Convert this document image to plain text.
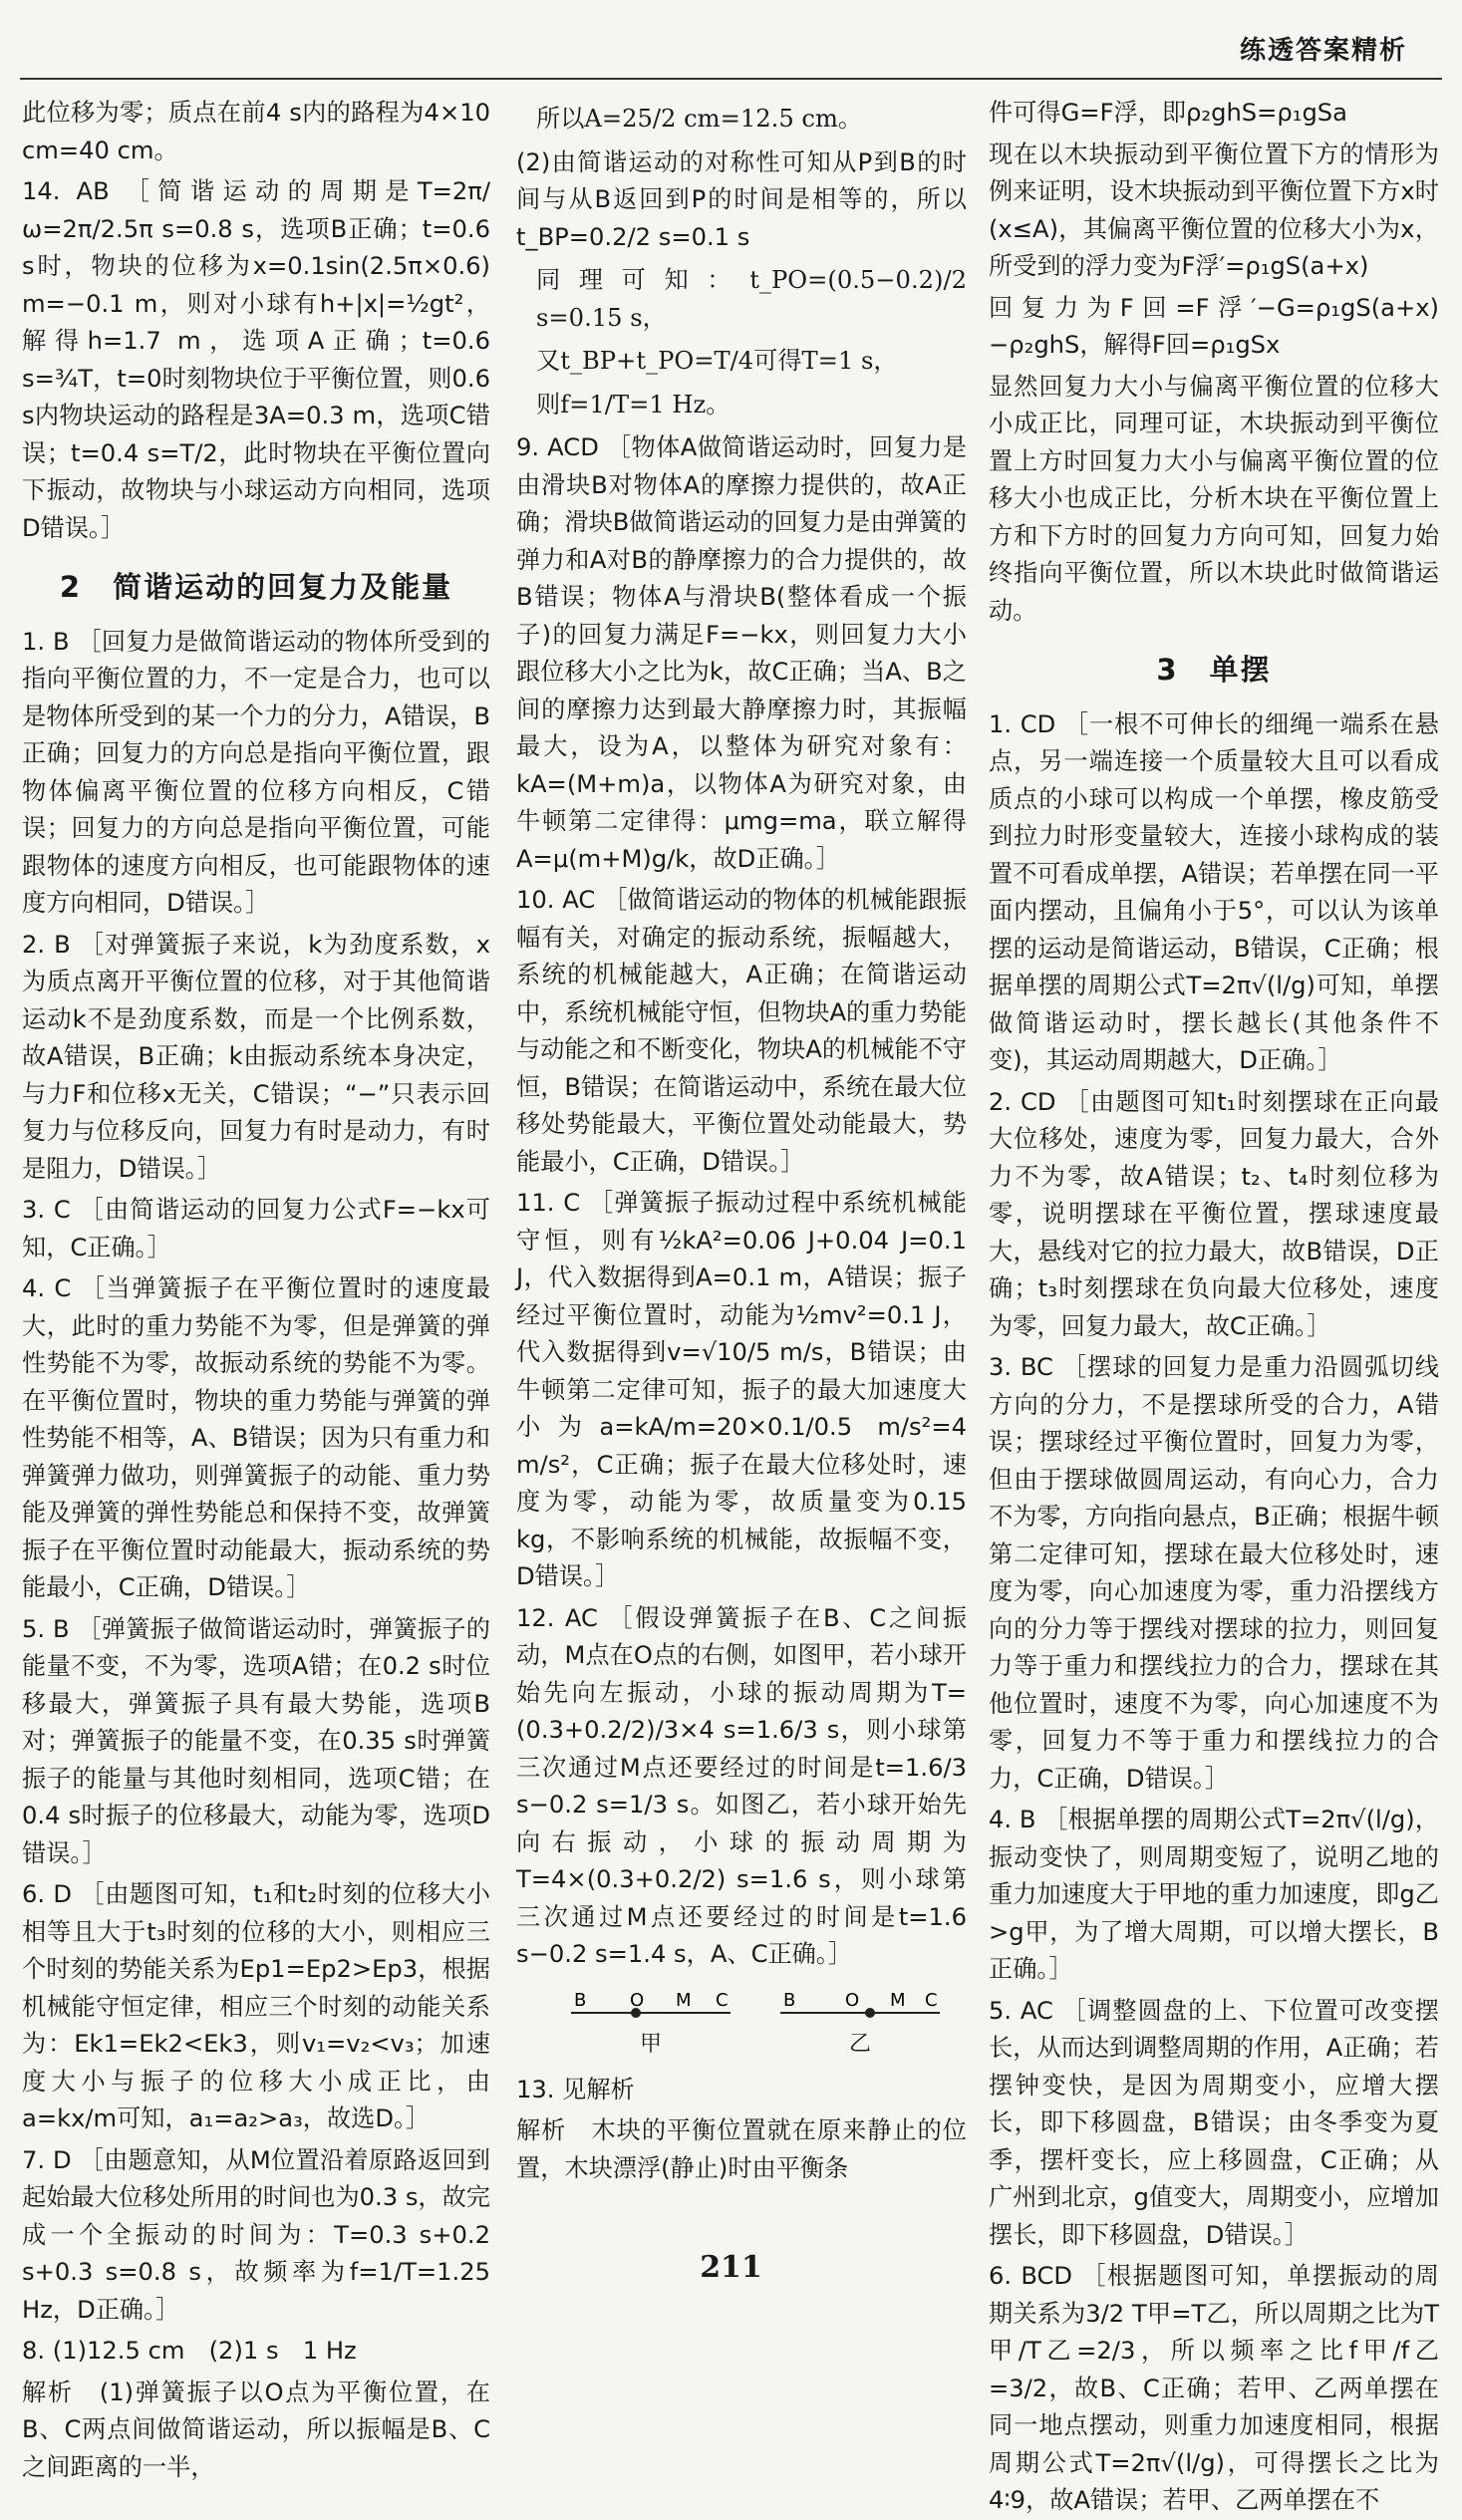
练透答案精析

此位移为零；质点在前4 s内的路程为4×10 cm=40 cm。

14. AB ［简谐运动的周期是T=2π/ω=2π/2.5π s=0.8 s，选项B正确；t=0.6 s时，物块的位移为x=0.1sin(2.5π×0.6) m=−0.1 m，则对小球有h+|x|=½gt²，解得h=1.7 m，选项A正确；t=0.6 s=¾T，t=0时刻物块位于平衡位置，则0.6 s内物块运动的路程是3A=0.3 m，选项C错误；t=0.4 s=T/2，此时物块在平衡位置向下振动，故物块与小球运动方向相同，选项D错误。］

2　简谐运动的回复力及能量

1. B ［回复力是做简谐运动的物体所受到的指向平衡位置的力，不一定是合力，也可以是物体所受到的某一个力的分力，A错误，B正确；回复力的方向总是指向平衡位置，跟物体偏离平衡位置的位移方向相反，C错误；回复力的方向总是指向平衡位置，可能跟物体的速度方向相反，也可能跟物体的速度方向相同，D错误。］

2. B ［对弹簧振子来说，k为劲度系数，x为质点离开平衡位置的位移，对于其他简谐运动k不是劲度系数，而是一个比例系数，故A错误，B正确；k由振动系统本身决定，与力F和位移x无关，C错误；“−”只表示回复力与位移反向，回复力有时是动力，有时是阻力，D错误。］

3. C ［由简谐运动的回复力公式F=−kx可知，C正确。］

4. C ［当弹簧振子在平衡位置时的速度最大，此时的重力势能不为零，但是弹簧的弹性势能不为零，故振动系统的势能不为零。在平衡位置时，物块的重力势能与弹簧的弹性势能不相等，A、B错误；因为只有重力和弹簧弹力做功，则弹簧振子的动能、重力势能及弹簧的弹性势能总和保持不变，故弹簧振子在平衡位置时动能最大，振动系统的势能最小，C正确，D错误。］

5. B ［弹簧振子做简谐运动时，弹簧振子的能量不变，不为零，选项A错；在0.2 s时位移最大，弹簧振子具有最大势能，选项B对；弹簧振子的能量不变，在0.35 s时弹簧振子的能量与其他时刻相同，选项C错；在0.4 s时振子的位移最大，动能为零，选项D错误。］

6. D ［由题图可知，t₁和t₂时刻的位移大小相等且大于t₃时刻的位移的大小，则相应三个时刻的势能关系为Ep1=Ep2>Ep3，根据机械能守恒定律，相应三个时刻的动能关系为：Ek1=Ek2<Ek3，则v₁=v₂<v₃；加速度大小与振子的位移大小成正比，由a=kx/m可知，a₁=a₂>a₃，故选D。］

7. D ［由题意知，从M位置沿着原路返回到起始最大位移处所用的时间也为0.3 s，故完成一个全振动的时间为：T=0.3 s+0.2 s+0.3 s=0.8 s，故频率为f=1/T=1.25 Hz，D正确。］

8. (1)12.5 cm　(2)1 s　1 Hz

解析　(1)弹簧振子以O点为平衡位置，在B、C两点间做简谐运动，所以振幅是B、C之间距离的一半，

所以A=25/2 cm=12.5 cm。

(2)由简谐运动的对称性可知从P到B的时间与从B返回到P的时间是相等的，所以t_BP=0.2/2 s=0.1 s

同理可知：t_PO=(0.5−0.2)/2 s=0.15 s，

又t_BP+t_PO=T/4可得T=1 s，

则f=1/T=1 Hz。

9. ACD ［物体A做简谐运动时，回复力是由滑块B对物体A的摩擦力提供的，故A正确；滑块B做简谐运动的回复力是由弹簧的弹力和A对B的静摩擦力的合力提供的，故B错误；物体A与滑块B(整体看成一个振子)的回复力满足F=−kx，则回复力大小跟位移大小之比为k，故C正确；当A、B之间的摩擦力达到最大静摩擦力时，其振幅最大，设为A，以整体为研究对象有：kA=(M+m)a，以物体A为研究对象，由牛顿第二定律得：μmg=ma，联立解得A=μ(m+M)g/k，故D正确。］

10. AC ［做简谐运动的物体的机械能跟振幅有关，对确定的振动系统，振幅越大，系统的机械能越大，A正确；在简谐运动中，系统机械能守恒，但物块A的重力势能与动能之和不断变化，物块A的机械能不守恒，B错误；在简谐运动中，系统在最大位移处势能最大，平衡位置处动能最大，势能最小，C正确，D错误。］

11. C ［弹簧振子振动过程中系统机械能守恒，则有½kA²=0.06 J+0.04 J=0.1 J，代入数据得到A=0.1 m，A错误；振子经过平衡位置时，动能为½mv²=0.1 J，代入数据得到v=√10/5 m/s，B错误；由牛顿第二定律可知，振子的最大加速度大小为a=kA/m=20×0.1/0.5 m/s²=4 m/s²，C正确；振子在最大位移处时，速度为零，动能为零，故质量变为0.15 kg，不影响系统的机械能，故振幅不变，D错误。］

12. AC ［假设弹簧振子在B、C之间振动，M点在O点的右侧，如图甲，若小球开始先向左振动，小球的振动周期为T=(0.3+0.2/2)/3×4 s=1.6/3 s，则小球第三次通过M点还要经过的时间是t=1.6/3 s−0.2 s=1/3 s。如图乙，若小球开始先向右振动，小球的振动周期为T=4×(0.3+0.2/2) s=1.6 s，则小球第三次通过M点还要经过的时间是t=1.6 s−0.2 s=1.4 s，A、C正确。］

B O M C
甲
B	O M C
乙

13. 见解析

解析　木块的平衡位置就在原来静止的位置，木块漂浮(静止)时由平衡条

件可得G=F浮，即ρ₂ghS=ρ₁gSa

现在以木块振动到平衡位置下方的情形为例来证明，设木块振动到平衡位置下方x时(x≤A)，其偏离平衡位置的位移大小为x，所受到的浮力变为F浮′=ρ₁gS(a+x)

回复力为F回=F浮′−G=ρ₁gS(a+x)−ρ₂ghS，解得F回=ρ₁gSx

显然回复力大小与偏离平衡位置的位移大小成正比，同理可证，木块振动到平衡位置上方时回复力大小与偏离平衡位置的位移大小也成正比，分析木块在平衡位置上方和下方时的回复力方向可知，回复力始终指向平衡位置，所以木块此时做简谐运动。

3　单摆

1. CD ［一根不可伸长的细绳一端系在悬点，另一端连接一个质量较大且可以看成质点的小球可以构成一个单摆，橡皮筋受到拉力时形变量较大，连接小球构成的装置不可看成单摆，A错误；若单摆在同一平面内摆动，且偏角小于5°，可以认为该单摆的运动是简谐运动，B错误，C正确；根据单摆的周期公式T=2π√(l/g)可知，单摆做简谐运动时，摆长越长(其他条件不变)，其运动周期越大，D正确。］

2. CD ［由题图可知t₁时刻摆球在正向最大位移处，速度为零，回复力最大，合外力不为零，故A错误；t₂、t₄时刻位移为零，说明摆球在平衡位置，摆球速度最大，悬线对它的拉力最大，故B错误，D正确；t₃时刻摆球在负向最大位移处，速度为零，回复力最大，故C正确。］

3. BC ［摆球的回复力是重力沿圆弧切线方向的分力，不是摆球所受的合力，A错误；摆球经过平衡位置时，回复力为零，但由于摆球做圆周运动，有向心力，合力不为零，方向指向悬点，B正确；根据牛顿第二定律可知，摆球在最大位移处时，速度为零，向心加速度为零，重力沿摆线方向的分力等于摆线对摆球的拉力，则回复力等于重力和摆线拉力的合力，摆球在其他位置时，速度不为零，向心加速度不为零，回复力不等于重力和摆线拉力的合力，C正确，D错误。］

4. B ［根据单摆的周期公式T=2π√(l/g)，振动变快了，则周期变短了，说明乙地的重力加速度大于甲地的重力加速度，即g乙>g甲，为了增大周期，可以增大摆长，B正确。］

5. AC ［调整圆盘的上、下位置可改变摆长，从而达到调整周期的作用，A正确；若摆钟变快，是因为周期变小，应增大摆长，即下移圆盘，B错误；由冬季变为夏季，摆杆变长，应上移圆盘，C正确；从广州到北京，g值变大，周期变小，应增加摆长，即下移圆盘，D错误。］

6. BCD ［根据题图可知，单摆振动的周期关系为3/2 T甲=T乙，所以周期之比为T甲/T乙=2/3，所以频率之比f甲/f乙=3/2，故B、C正确；若甲、乙两单摆在同一地点摆动，则重力加速度相同，根据周期公式T=2π√(l/g)，可得摆长之比为4∶9，故A错误；若甲、乙两单摆在不

211
